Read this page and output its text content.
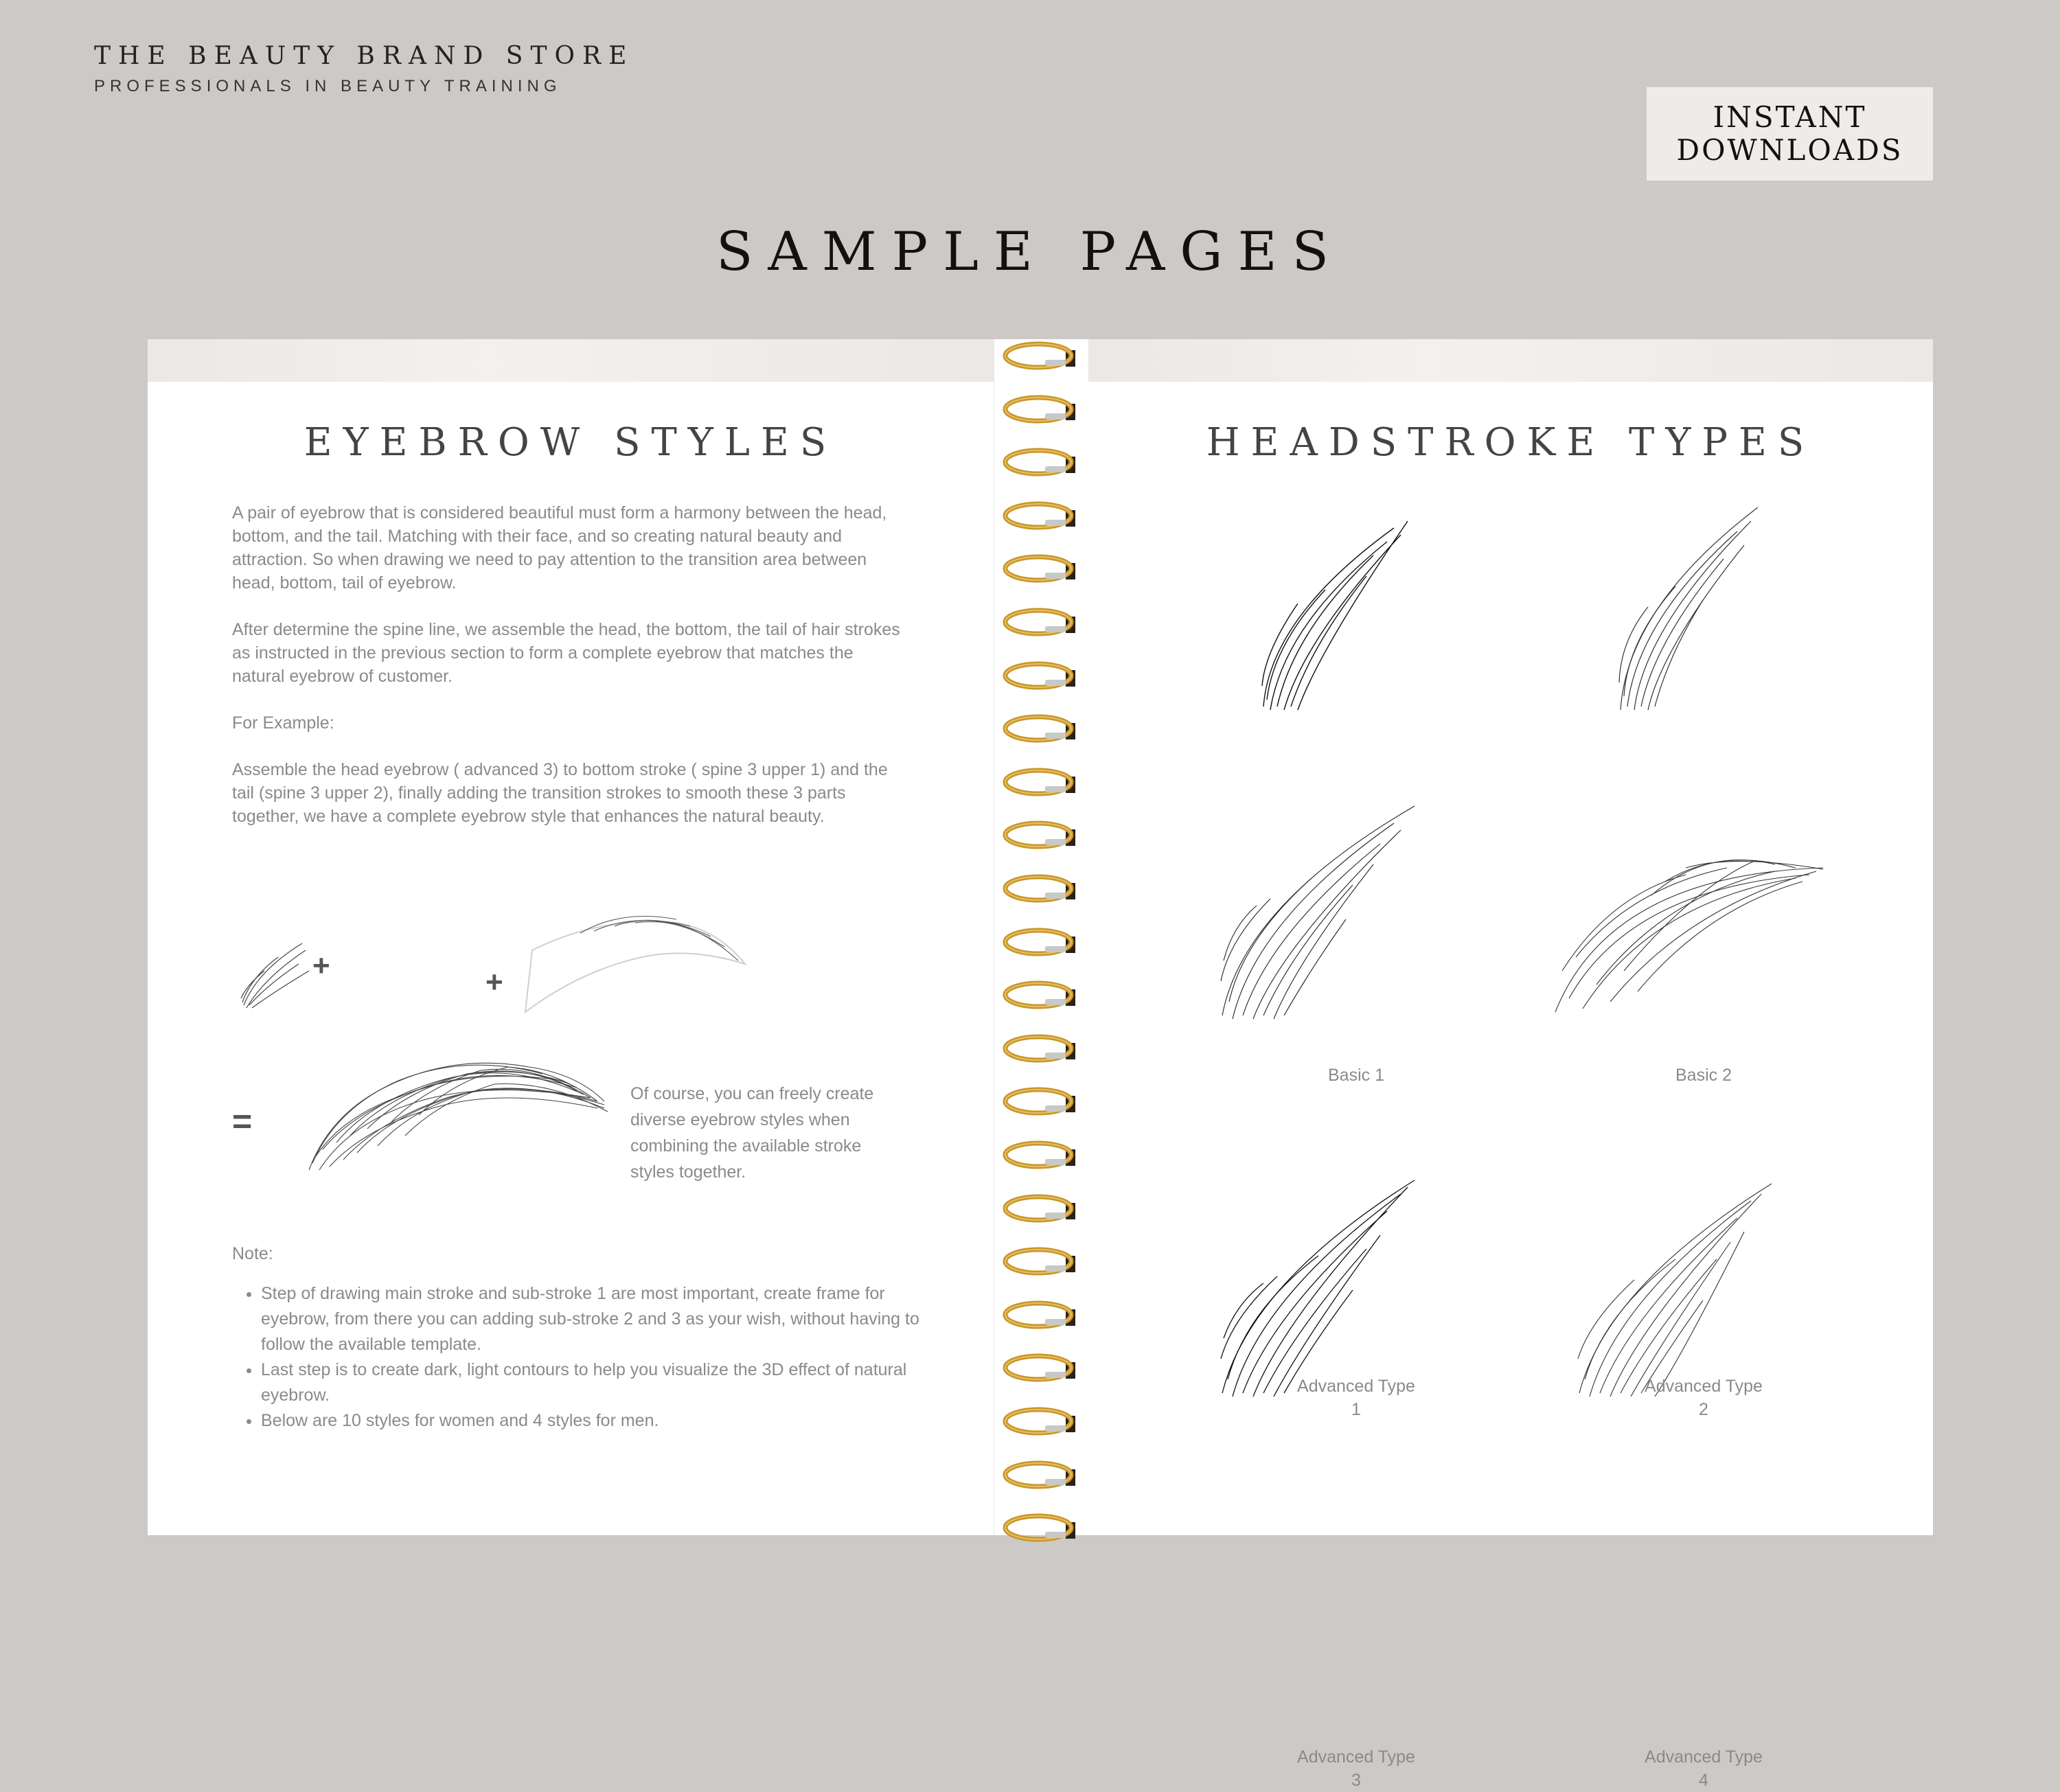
THE BEAUTY BRAND STORE
PROFESSIONALS IN BEAUTY TRAINING
INSTANT
DOWNLOADS
SAMPLE PAGES
EYEBROW STYLES

A pair of eyebrow that is considered beautiful must form a harmony between the head, bottom, and the tail. Matching with their face, and so creating natural beauty and attraction. So when drawing we need to pay attention to the transition area between head, bottom, tail of eyebrow.

After determine the spine line, we assemble the head, the bottom, the tail of hair strokes as instructed in the previous section to form a complete eyebrow that matches the natural eyebrow of customer.

For Example:

Assemble the head eyebrow ( advanced 3) to bottom stroke ( spine 3 upper 1) and the tail (spine 3 upper 2), finally adding the transition strokes to smooth these 3 parts together, we have a complete eyebrow style that enhances the natural beauty.

+	+
=
Of course, you can freely create diverse eyebrow styles when combining the available stroke styles together.
Note:
• Step of drawing main stroke and sub-stroke 1 are most important, create frame for eyebrow, from there you can adding sub-stroke 2 and 3 as your wish, without having to follow the available template.
• Last step is to create dark, light contours to help you visualize the 3D effect of natural eyebrow.
• Below are 10 styles for women and 4 styles for men.
HEADSTROKE TYPES
Basic 1	Basic 2
Advanced Type
1
Advanced Type
2
Advanced Type
3
Advanced Type
4
